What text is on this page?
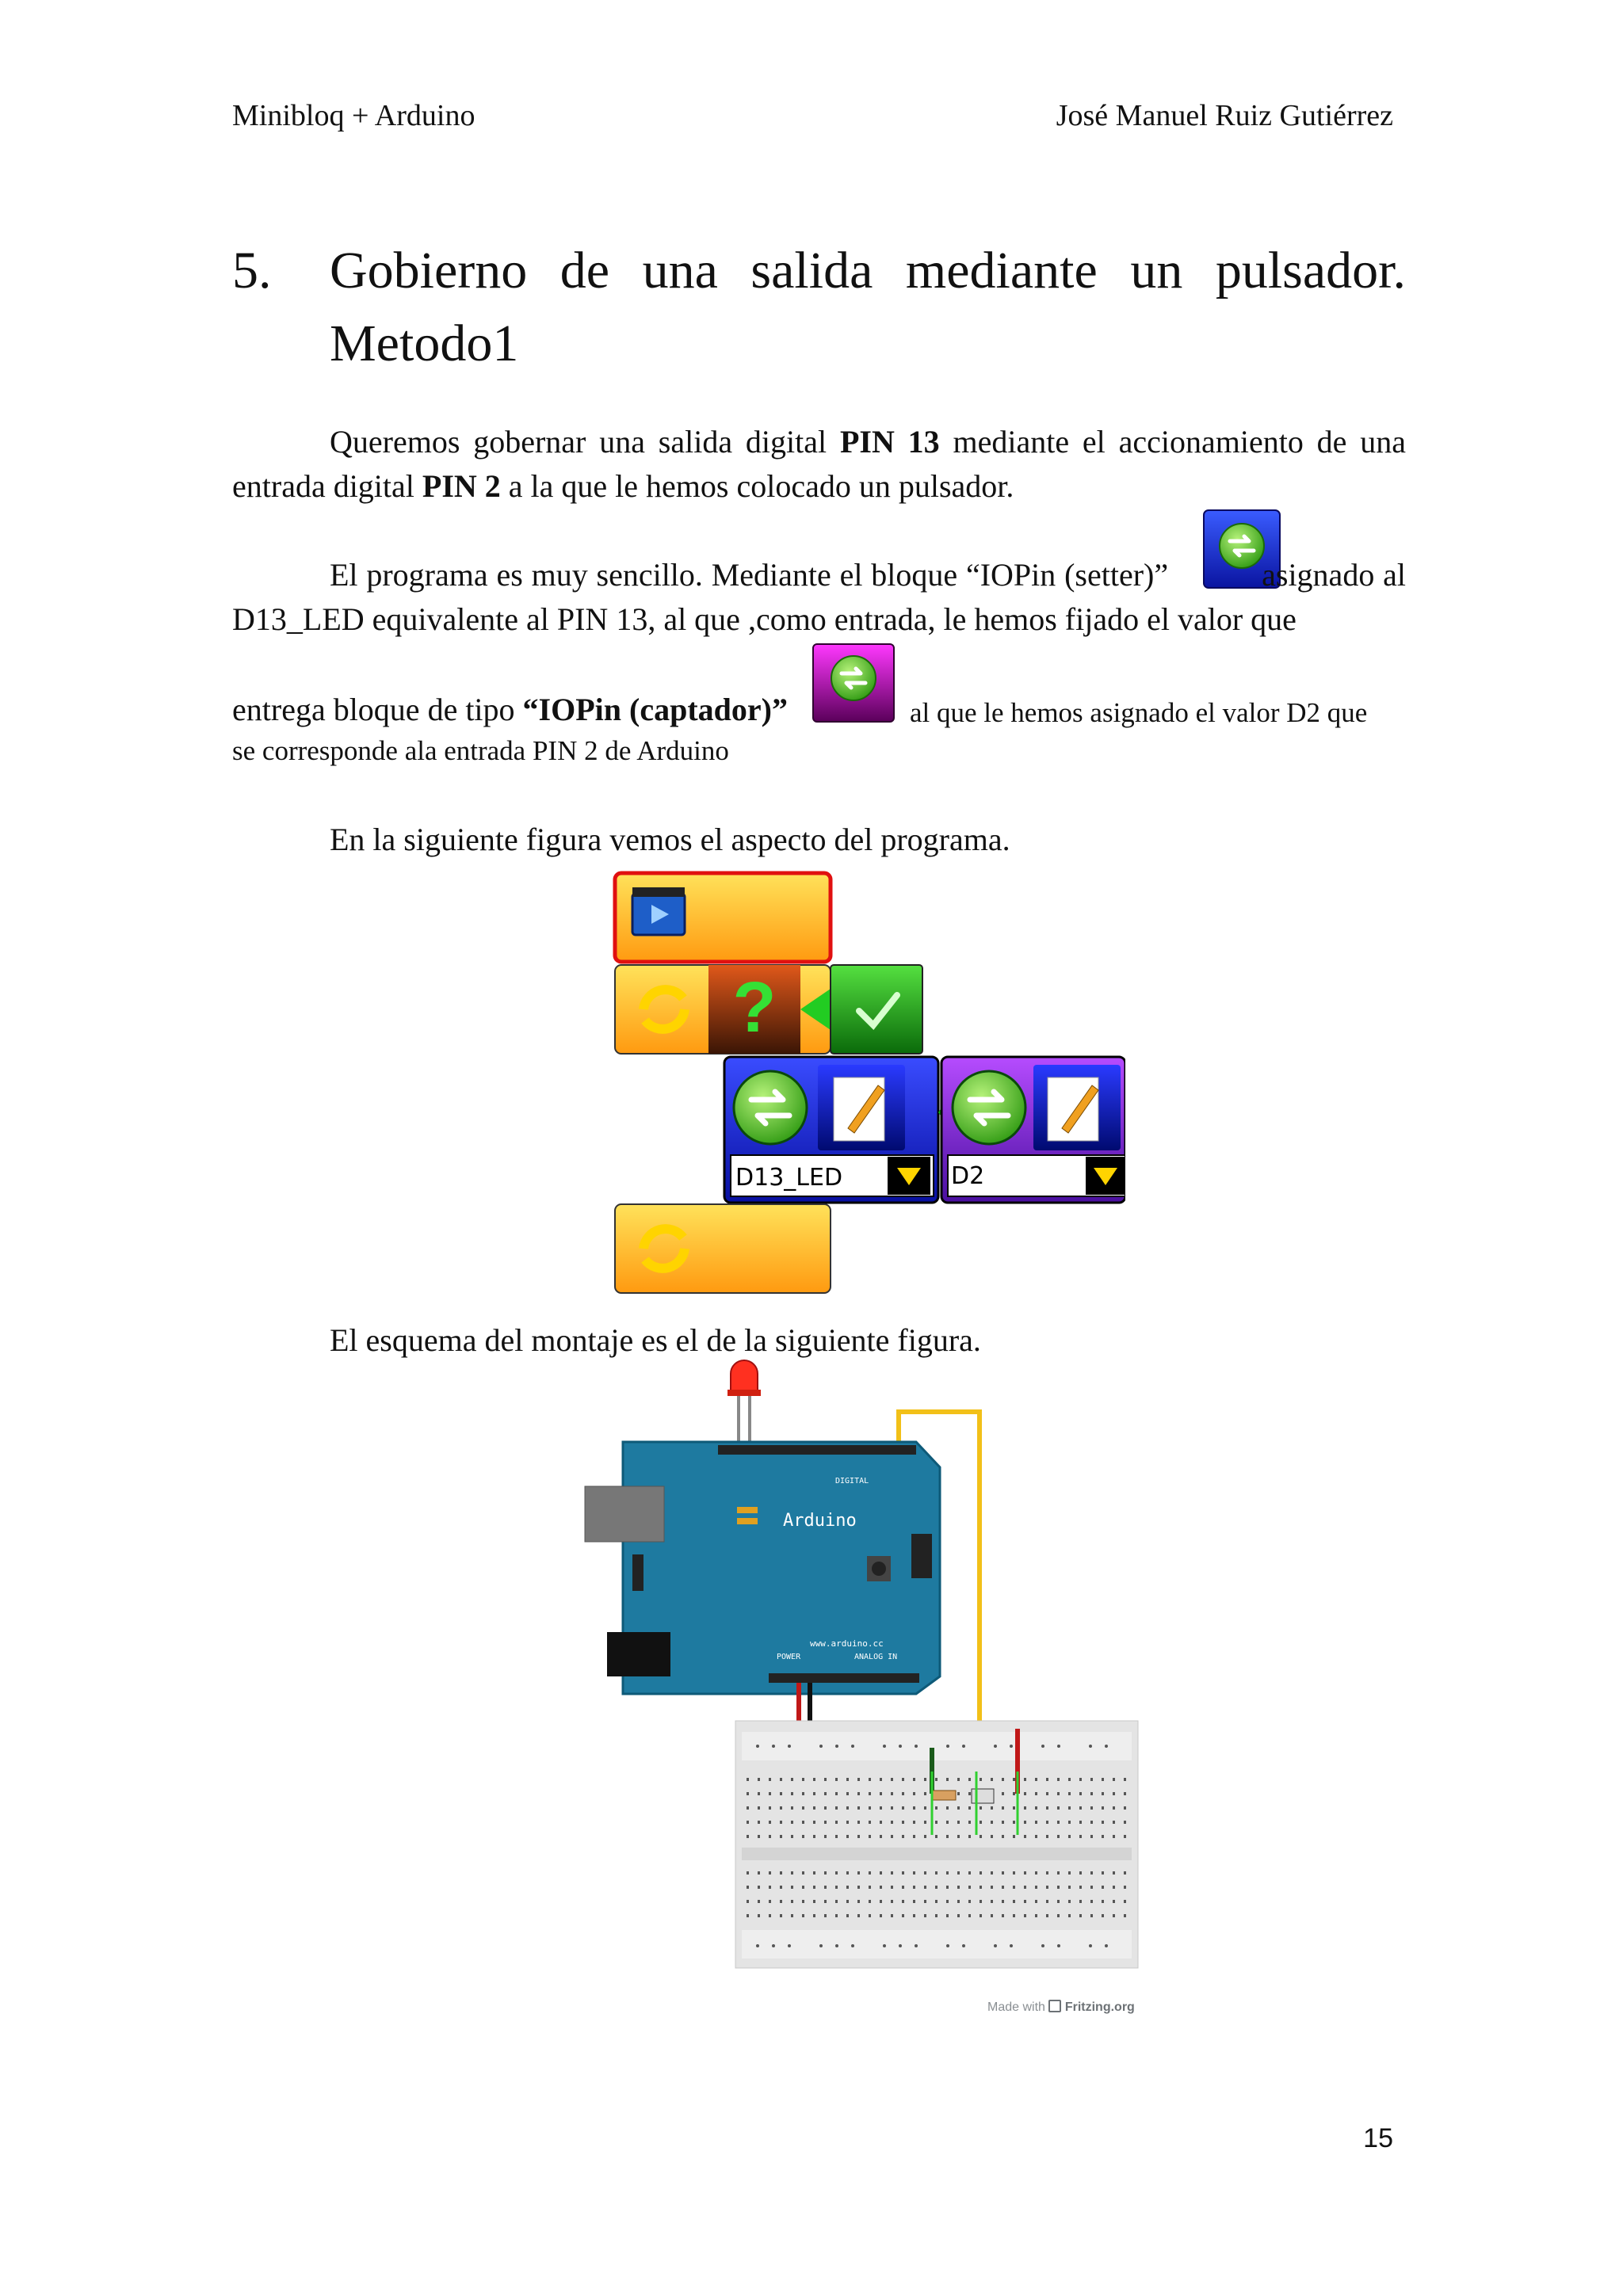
Minibloq + Arduino	José Manuel Ruiz Gutiérrez
5. Gobierno de una salida mediante un pulsador. Metodo1
Queremos gobernar una salida digital PIN 13 mediante el accionamiento de una entrada digital PIN 2 a la que le hemos colocado un pulsador.
El programa es muy sencillo. Mediante el bloque “IOPin (setter)”	asignado al D13_LED equivalente al PIN 13, al que ,como entrada, le hemos fijado el valor que
entrega bloque de tipo “IOPin (captador)”	al que le hemos asignado el valor D2 que
se corresponde ala entrada PIN 2 de Arduino
En la siguiente figura vemos el aspecto del programa.
?
D13_LED	D2
El esquema del montaje es el de la siguiente figura.
Arduino
DIGITAL
www.arduino.cc
POWER	ANALOG IN
Made with Fritzing.org
15
